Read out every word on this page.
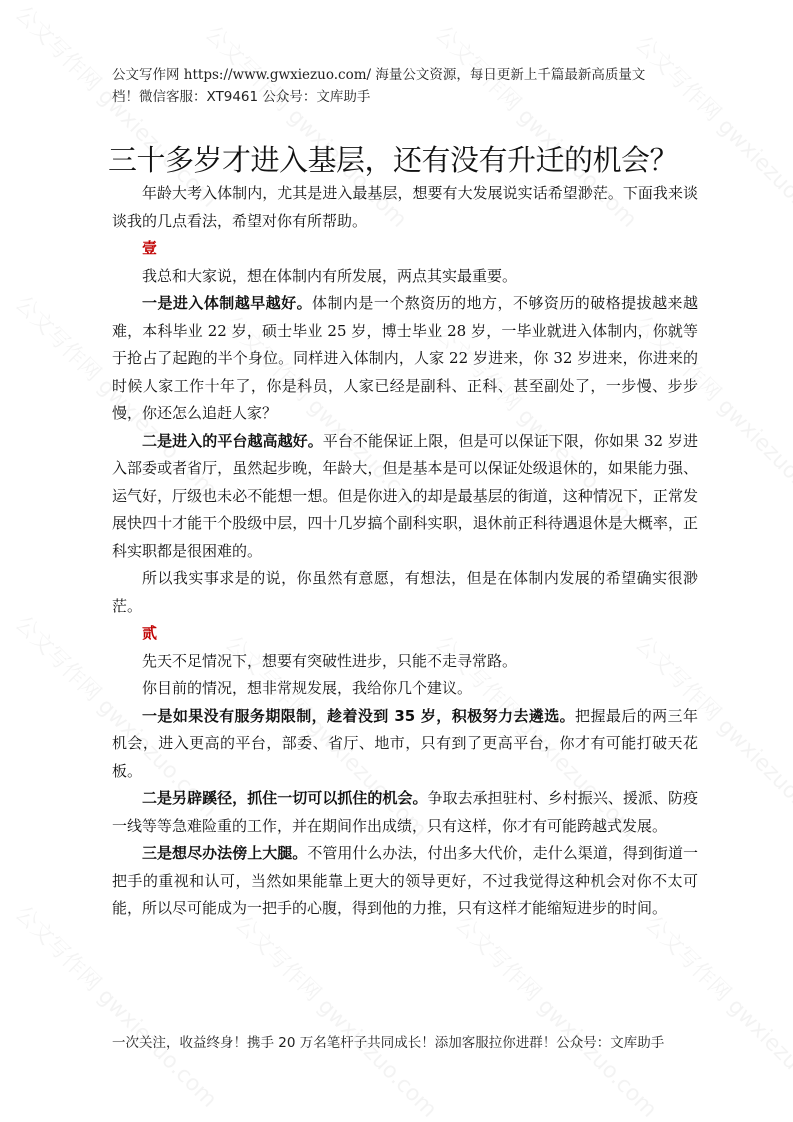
公文写作网 https://www.gwxiezuo.com/ 海量公文资源，每日更新上千篇最新高质量文
档！微信客服：XT9461 公众号：文库助手
三十多岁才进入基层，还有没有升迁的机会？

年龄大考入体制内，尤其是进入最基层，想要有大发展说实话希望渺茫。下面我来谈谈我的几点看法，希望对你有所帮助。

壹

我总和大家说，想在体制内有所发展，两点其实最重要。

一是进入体制越早越好。体制内是一个熬资历的地方，不够资历的破格提拔越来越难，本科毕业 22 岁，硕士毕业 25 岁，博士毕业 28 岁，一毕业就进入体制内，你就等于抢占了起跑的半个身位。同样进入体制内，人家 22 岁进来，你 32 岁进来，你进来的时候人家工作十年了，你是科员，人家已经是副科、正科、甚至副处了，一步慢、步步慢，你还怎么追赶人家？

二是进入的平台越高越好。平台不能保证上限，但是可以保证下限，你如果 32 岁进入部委或者省厅，虽然起步晚，年龄大，但是基本是可以保证处级退休的，如果能力强、运气好，厅级也未必不能想一想。但是你进入的却是最基层的街道，这种情况下，正常发展快四十才能干个股级中层，四十几岁搞个副科实职，退休前正科待遇退休是大概率，正科实职都是很困难的。

所以我实事求是的说，你虽然有意愿，有想法，但是在体制内发展的希望确实很渺茫。

贰

先天不足情况下，想要有突破性进步，只能不走寻常路。

你目前的情况，想非常规发展，我给你几个建议。

一是如果没有服务期限制，趁着没到 35 岁，积极努力去遴选。把握最后的两三年机会，进入更高的平台，部委、省厅、地市，只有到了更高平台，你才有可能打破天花板。

二是另辟蹊径，抓住一切可以抓住的机会。争取去承担驻村、乡村振兴、援派、防疫一线等等急难险重的工作，并在期间作出成绩，只有这样，你才有可能跨越式发展。

三是想尽办法傍上大腿。不管用什么办法，付出多大代价，走什么渠道，得到街道一把手的重视和认可，当然如果能靠上更大的领导更好，不过我觉得这种机会对你不太可能，所以尽可能成为一把手的心腹，得到他的力推，只有这样才能缩短进步的时间。

一次关注，收益终身！携手 20 万名笔杆子共同成长！添加客服拉你进群！公众号：文库助手
